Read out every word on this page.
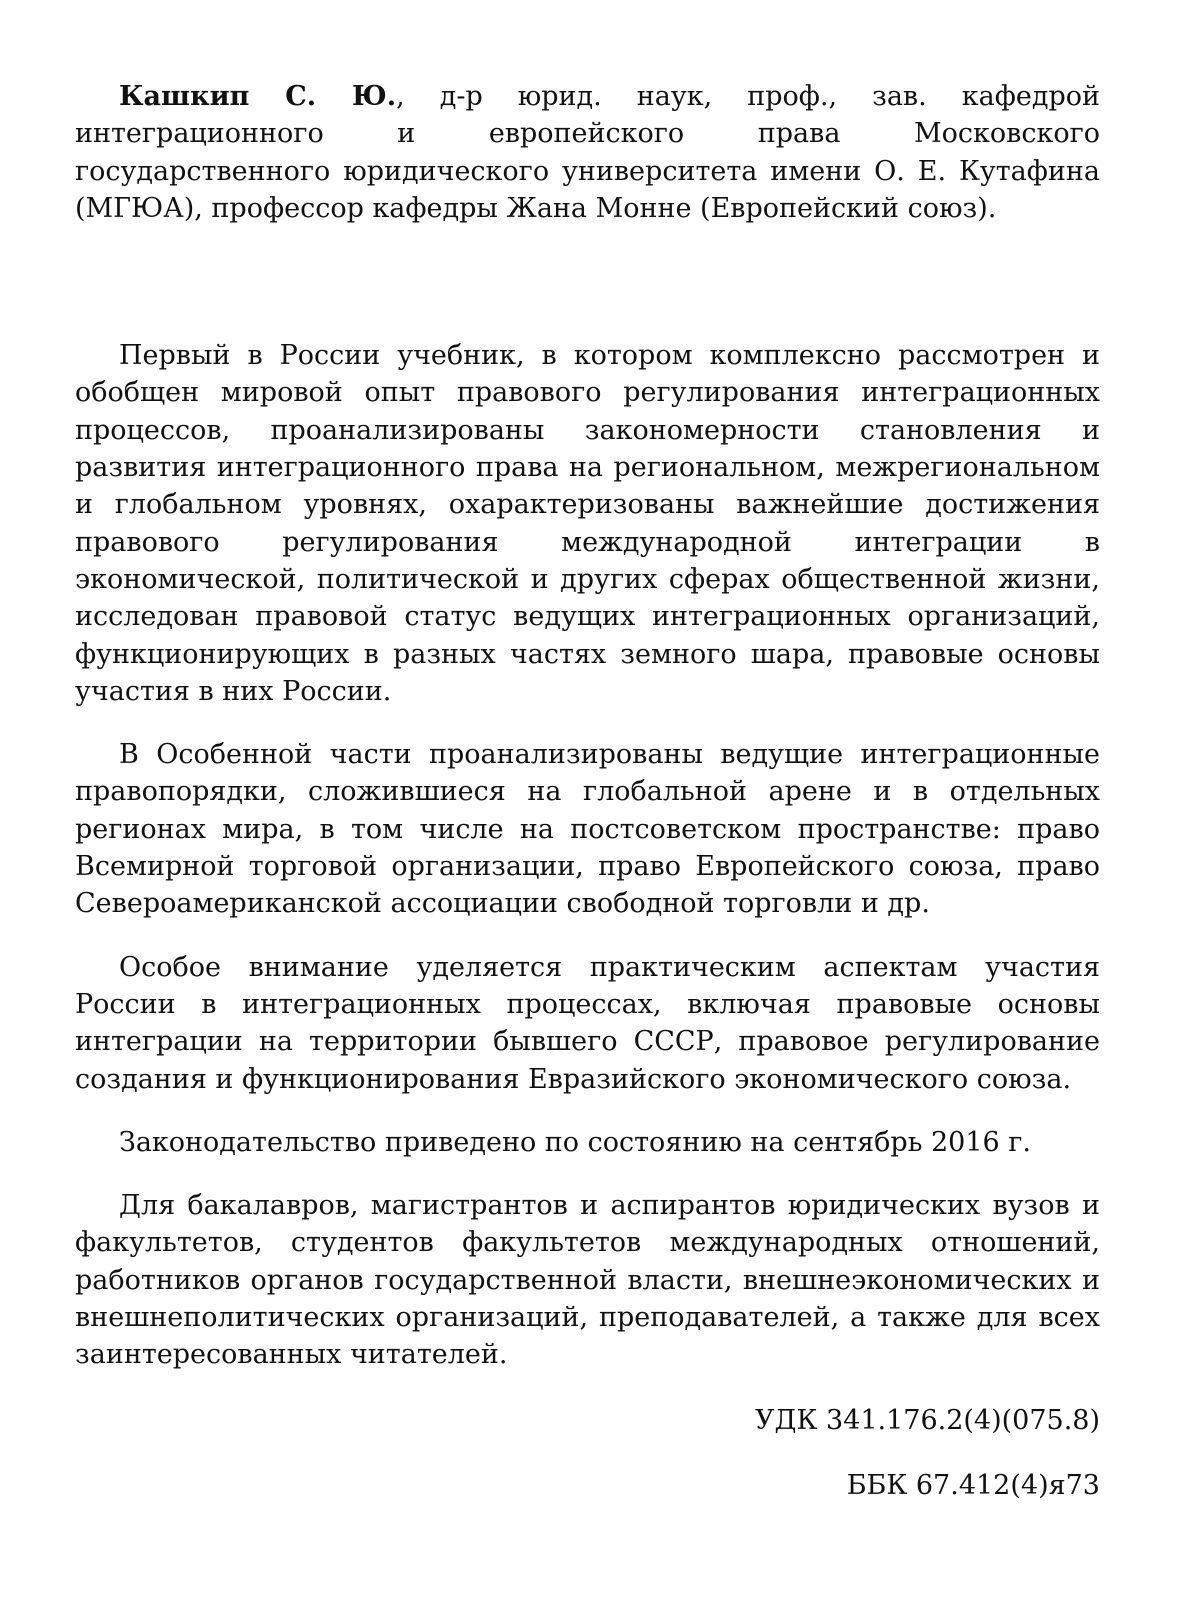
Кашкип С. Ю., д-р юрид. наук, проф., зав. кафедрой интеграционного и европейского права Московского государственного юридического университета имени О. Е. Кутафина (МГЮА), профессор кафедры Жана Монне (Европейский союз).

Первый в России учебник, в котором комплексно рассмотрен и обобщен мировой опыт правового регулирования интеграционных процессов, проанализированы закономерности становления и развития интеграционного права на региональном, межрегиональном и глобальном уровнях, охарактеризованы важнейшие достижения правового регулирования международной интеграции в экономической, политической и других сферах общественной жизни, исследован правовой статус ведущих интеграционных организаций, функционирующих в разных частях земного шара, правовые основы участия в них России.

В Особенной части проанализированы ведущие интеграционные правопорядки, сложившиеся на глобальной арене и в отдельных регионах мира, в том числе на постсоветском пространстве: право Всемирной торговой организации, право Европейского союза, право Североамериканской ассоциации свободной торговли и др.

Особое внимание уделяется практическим аспектам участия России в интеграционных процессах, включая правовые основы интеграции на территории бывшего СССР, правовое регулирование создания и функционирования Евразийского экономического союза.

Законодательство приведено по состоянию на сентябрь 2016 г.

Для бакалавров, магистрантов и аспирантов юридических вузов и факультетов, студентов факультетов международных отношений, работников органов государственной власти, внешнеэкономических и внешнеполитических организаций, преподавателей, а также для всех заинтересованных читателей.

УДК 341.176.2(4)(075.8)

ББК 67.412(4)я73
